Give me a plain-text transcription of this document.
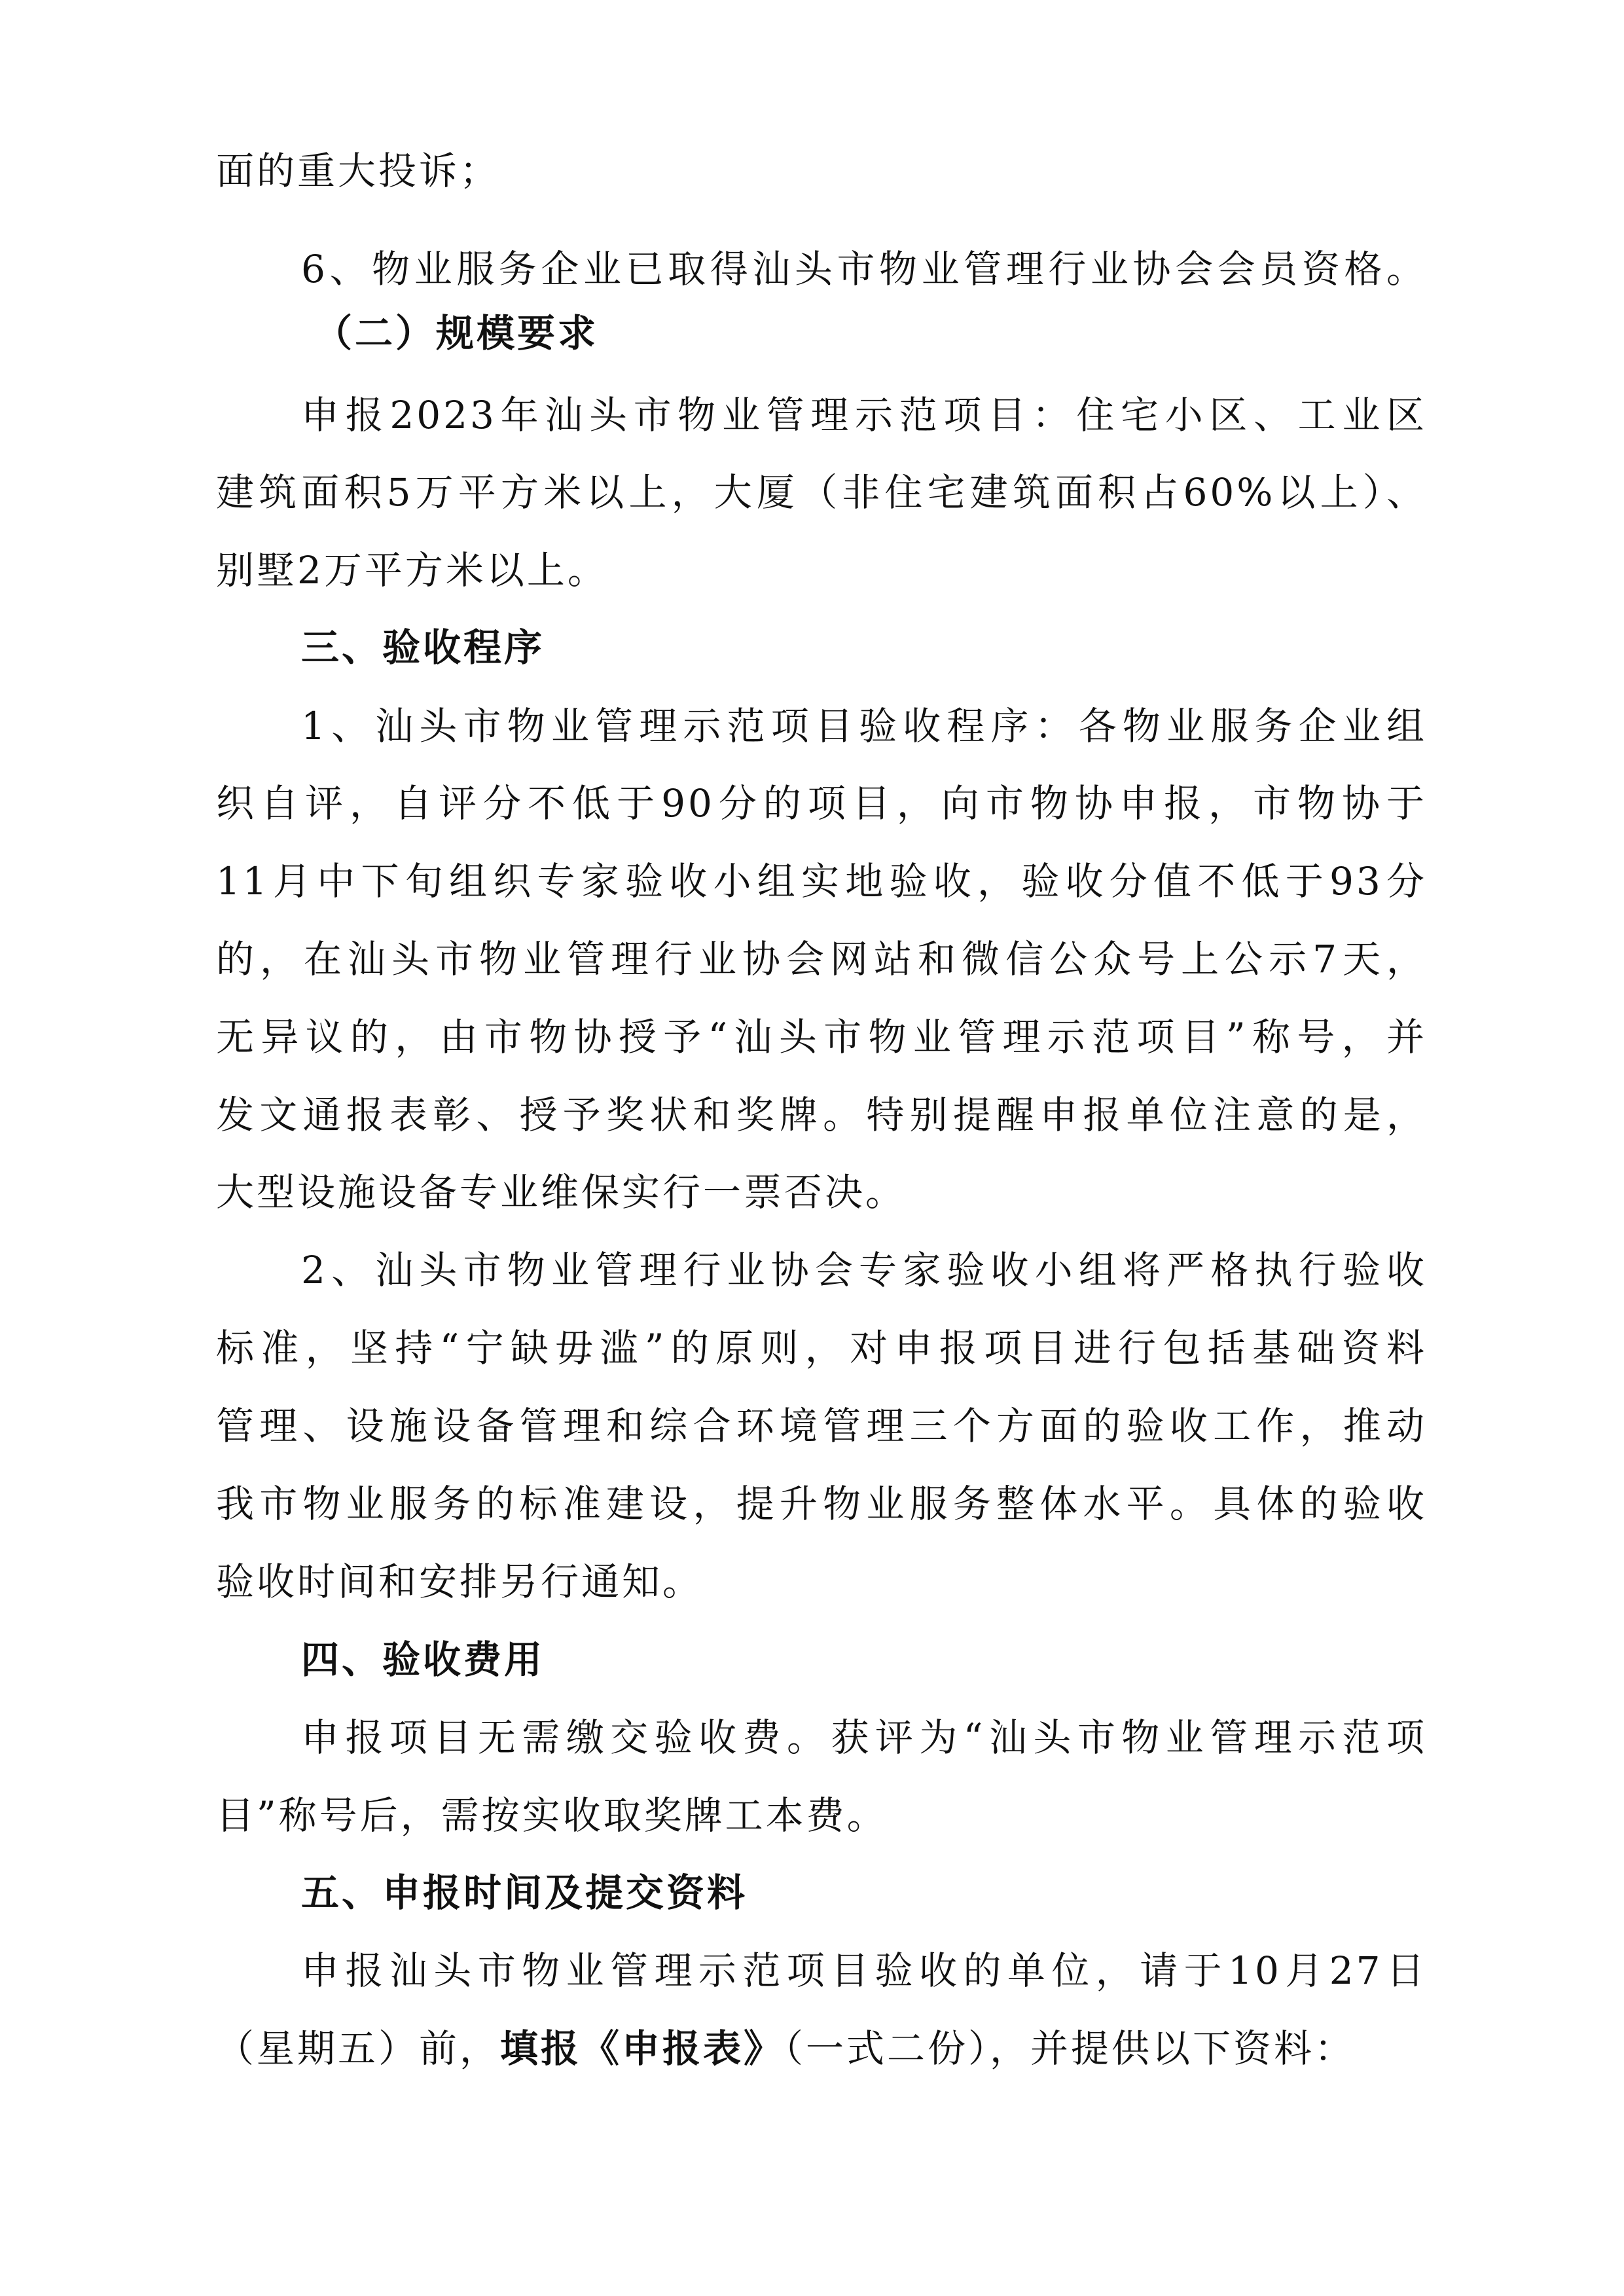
面的重大投诉；
6、物业服务企业已取得汕头市物业管理行业协会会员资格。
（二）规模要求
申报2023年汕头市物业管理示范项目：住宅小区、工业区
建筑面积5万平方米以上，大厦（非住宅建筑面积占60%以上）、
别墅2万平方米以上。
三、验收程序
1、汕头市物业管理示范项目验收程序：各物业服务企业组
织自评，自评分不低于90分的项目，向市物协申报，市物协于
11月中下旬组织专家验收小组实地验收，验收分值不低于93分
的，在汕头市物业管理行业协会网站和微信公众号上公示7天，
无异议的，由市物协授予“汕头市物业管理示范项目”称号，并
发文通报表彰、授予奖状和奖牌。特别提醒申报单位注意的是，
大型设施设备专业维保实行一票否决。
2、汕头市物业管理行业协会专家验收小组将严格执行验收
标准，坚持“宁缺毋滥”的原则，对申报项目进行包括基础资料
管理、设施设备管理和综合环境管理三个方面的验收工作，推动
我市物业服务的标准建设，提升物业服务整体水平。具体的验收
验收时间和安排另行通知。
四、验收费用
申报项目无需缴交验收费。获评为“汕头市物业管理示范项
目”称号后，需按实收取奖牌工本费。
五、申报时间及提交资料
申报汕头市物业管理示范项目验收的单位，请于10月27日
（星期五）前，填报《申报表》（一式二份），并提供以下资料：
